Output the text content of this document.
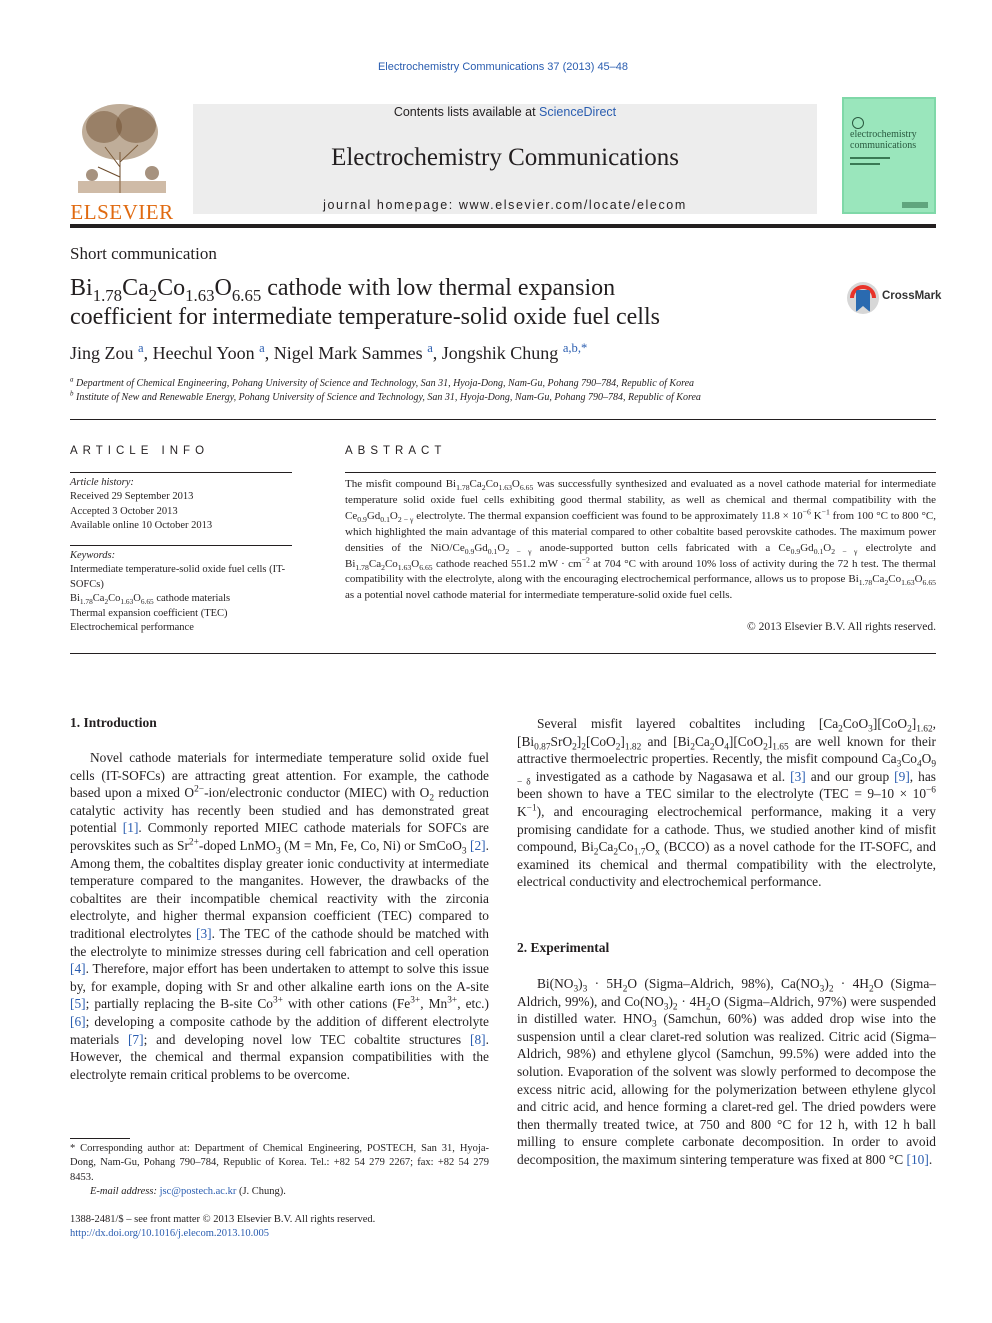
Electrochemistry Communications 37 (2013) 45–48
ELSEVIER
Contents lists available at ScienceDirect
Electrochemistry Communications
journal homepage: www.elsevier.com/locate/elecom
electrochemistry
communications
Short communication
$Bi_{1.78}Ca_2Co_{1.63}O_{6.65}$ cathode with low thermal expansion
coefficient for intermediate temperature-solid oxide fuel cells
CrossMark
Jing Zou $^a$, Heechul Yoon $^a$, Nigel Mark Sammes $^a$, Jongshik Chung $^{a,b,*}$
$^a$ Department of Chemical Engineering, Pohang University of Science and Technology, San 31, Hyoja-Dong, Nam-Gu, Pohang 790–784, Republic of Korea
$^b$ Institute of New and Renewable Energy, Pohang University of Science and Technology, San 31, Hyoja-Dong, Nam-Gu, Pohang 790–784, Republic of Korea
ARTICLE INFO
Article history:
Received 29 September 2013
Accepted 3 October 2013
Available online 10 October 2013
Keywords:
Intermediate temperature-solid oxide fuel cells (IT-SOFCs)
$Bi_{1.78}Ca_2Co_{1.63}O_{6.65}$ cathode materials
Thermal expansion coefficient (TEC)
Electrochemical performance
ABSTRACT
The misfit compound $Bi_{1.78}Ca_2Co_{1.63}O_{6.65}$ was successfully synthesized and evaluated as a novel cathode material for intermediate temperature solid oxide fuel cells exhibiting good thermal stability, as well as chemical and thermal compatibility with the $Ce_{0.9}Gd_{0.1}O_{2 - \gamma}$ electrolyte. The thermal expansion coefficient was found to be approximately $11.8 \times 10^{-6}$ $K^{-1}$ from 100 °C to 800 °C, which highlighted the main advantage of this material compared to other cobaltite based perovskite cathodes. The maximum power densities of the NiO/$Ce_{0.9}Gd_{0.1}O_{2 - \gamma}$ anode-supported button cells fabricated with a $Ce_{0.9}Gd_{0.1}O_{2 - \gamma}$ electrolyte and $Bi_{1.78}Ca_2Co_{1.63}O_{6.65}$ cathode reached 551.2 mW · $cm^{-2}$ at 704 °C with around 10% loss of activity during the 72 h test. The thermal compatibility with the electrolyte, along with the encouraging electrochemical performance, allows us to propose $Bi_{1.78}Ca_2Co_{1.63}O_{6.65}$ as a potential novel cathode material for intermediate temperature-solid oxide fuel cells.
© 2013 Elsevier B.V. All rights reserved.
1. Introduction

Novel cathode materials for intermediate temperature solid oxide fuel cells (IT-SOFCs) are attracting great attention. For example, the cathode based upon a mixed $O^{2-}-ion$/electronic conductor (MIEC) with $O_2$ reduction catalytic activity has recently been studied and has demonstrated great potential [1]. Commonly reported MIEC cathode materials for SOFCs are perovskites such as $Sr^{2+}$-doped LnMO$_3$ (M = Mn, Fe, Co, Ni) or SmCoO$_3$ [2]. Among them, the cobaltites display greater ionic conductivity at intermediate temperature compared to the manganites. However, the drawbacks of the cobaltites are their incompatible chemical reactivity with the zirconia electrolyte, and higher thermal expansion coefficient (TEC) compared to traditional electrolytes [3]. The TEC of the cathode should be matched with the electrolyte to minimize stresses during cell fabrication and cell operation [4]. Therefore, major effort has been undertaken to attempt to solve this issue by, for example, doping with Sr and other alkaline earth ions on the A-site [5]; partially replacing the B-site $Co^{3+}$ with other cations ($Fe^{3+}$, $Mn^{3+}$, etc.) [6]; developing a composite cathode by the addition of different electrolyte materials [7]; and developing novel low TEC cobaltite structures [8]. However, the chemical and thermal expansion compatibilities with the electrolyte remain critical problems to be overcome.

* Corresponding author at: Department of Chemical Engineering, POSTECH, San 31, Hyoja-Dong, Nam-Gu, Pohang 790–784, Republic of Korea. Tel.: +82 54 279 2267; fax: +82 54 279 8453.
E-mail address: jsc@postech.ac.kr (J. Chung).
1388-2481/$ – see front matter © 2013 Elsevier B.V. All rights reserved.
http://dx.doi.org/10.1016/j.elecom.2013.10.005

Several misfit layered cobaltites including $[Ca_2CoO_3][CoO_2]_{1.62}$, $[Bi_{0.87}SrO_2]_2[CoO_2]_{1.82}$ and $[Bi_2Ca_2O_4][CoO_2]_{1.65}$ are well known for their attractive thermoelectric properties. Recently, the misfit compound $Ca_3Co_4O_{9 - \delta}$ investigated as a cathode by Nagasawa et al. [3] and our group [9], has been shown to have a TEC similar to the electrolyte ($TEC = 9-10 \times 10^{-6}$ $K^{-1}$), and encouraging electrochemical performance, making it a very promising candidate for a cathode. Thus, we studied another kind of misfit compound, $Bi_2Ca_2Co_{1.7}O_x$ (BCCO) as a novel cathode for the IT-SOFC, and examined its chemical and thermal compatibility with the electrolyte, electrical conductivity and electrochemical performance.

2. Experimental

$Bi(NO_3)_3 \cdot 5H_2O$ (Sigma–Aldrich, 98%), $Ca(NO_3)_2 \cdot 4H_2O$ (Sigma–Aldrich, 99%), and $Co(NO_3)_2 \cdot 4H_2O$ (Sigma–Aldrich, 97%) were suspended in distilled water. $HNO_3$ (Samchun, 60%) was added drop wise into the suspension until a clear claret-red solution was realized. Citric acid (Sigma–Aldrich, 98%) and ethylene glycol (Samchun, 99.5%) were added into the solution. Evaporation of the solvent was slowly performed to decompose the excess nitric acid, allowing for the polymerization between ethylene glycol and citric acid, and hence forming a claret-red gel. The dried powders were then thermally treated twice, at 750 and 800 °C for 12 h, with 12 h ball milling to ensure complete carbonate decomposition. In order to avoid decomposition, the maximum sintering temperature was fixed at 800 °C [10].
